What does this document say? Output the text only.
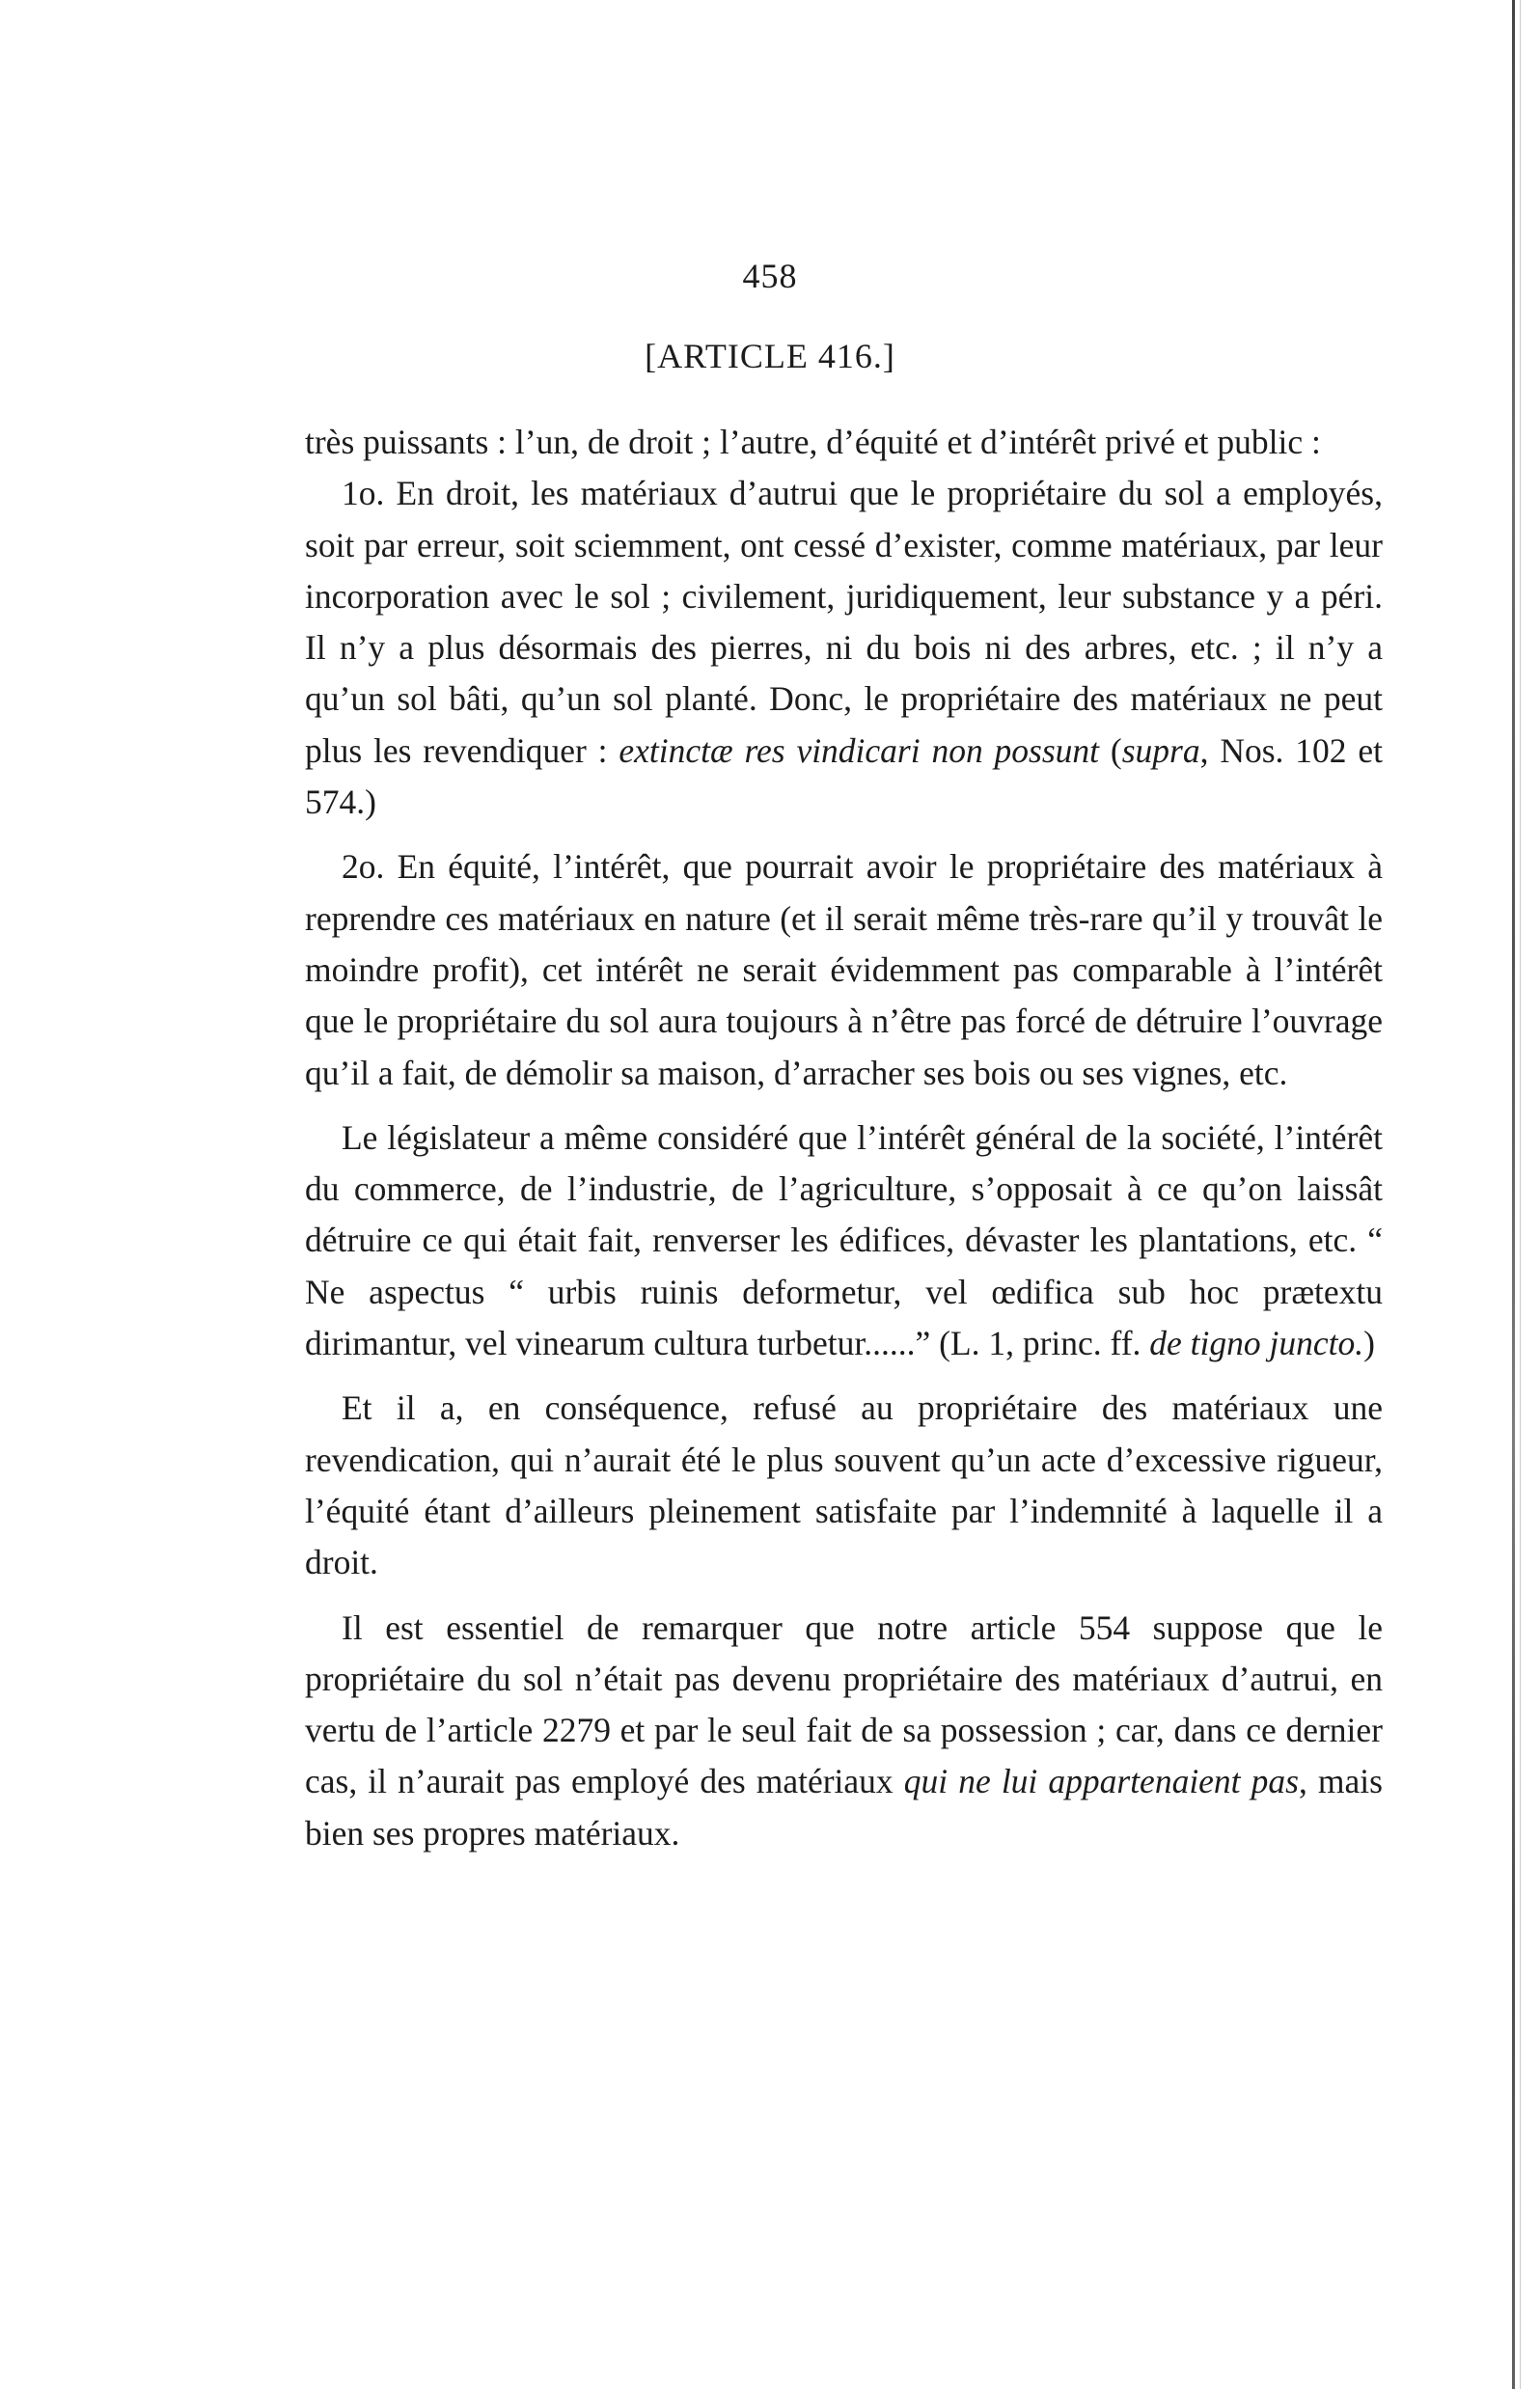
458
[ARTICLE 416.]

très puissants : l’un, de droit ; l’autre, d’équité et d’intérêt privé et public :

1o. En droit, les matériaux d’autrui que le propriétaire du sol a employés, soit par erreur, soit sciemment, ont cessé d’exister, comme matériaux, par leur incorporation avec le sol ; civilement, juridiquement, leur substance y a péri. Il n’y a plus désormais des pierres, ni du bois ni des arbres, etc. ; il n’y a qu’un sol bâti, qu’un sol planté. Donc, le propriétaire des matériaux ne peut plus les revendiquer : extinctæ res vindicari non possunt (supra, Nos. 102 et 574.)

2o. En équité, l’intérêt, que pourrait avoir le propriétaire des matériaux à reprendre ces matériaux en nature (et il serait même très-rare qu’il y trouvât le moindre profit), cet intérêt ne serait évidemment pas comparable à l’intérêt que le propriétaire du sol aura toujours à n’être pas forcé de détruire l’ouvrage qu’il a fait, de démolir sa maison, d’arracher ses bois ou ses vignes, etc.

Le législateur a même considéré que l’intérêt général de la société, l’intérêt du commerce, de l’industrie, de l’agriculture, s’opposait à ce qu’on laissât détruire ce qui était fait, renverser les édifices, dévaster les plantations, etc. “ Ne aspectus “ urbis ruinis deformetur, vel œdifica sub hoc prætextu dirimantur, vel vinearum cultura turbetur......” (L. 1, princ. ff. de tigno juncto.)

Et il a, en conséquence, refusé au propriétaire des matériaux une revendication, qui n’aurait été le plus souvent qu’un acte d’excessive rigueur, l’équité étant d’ailleurs pleinement satisfaite par l’indemnité à laquelle il a droit.

Il est essentiel de remarquer que notre article 554 suppose que le propriétaire du sol n’était pas devenu propriétaire des matériaux d’autrui, en vertu de l’article 2279 et par le seul fait de sa possession ; car, dans ce dernier cas, il n’aurait pas employé des matériaux qui ne lui appartenaient pas, mais bien ses propres matériaux.
